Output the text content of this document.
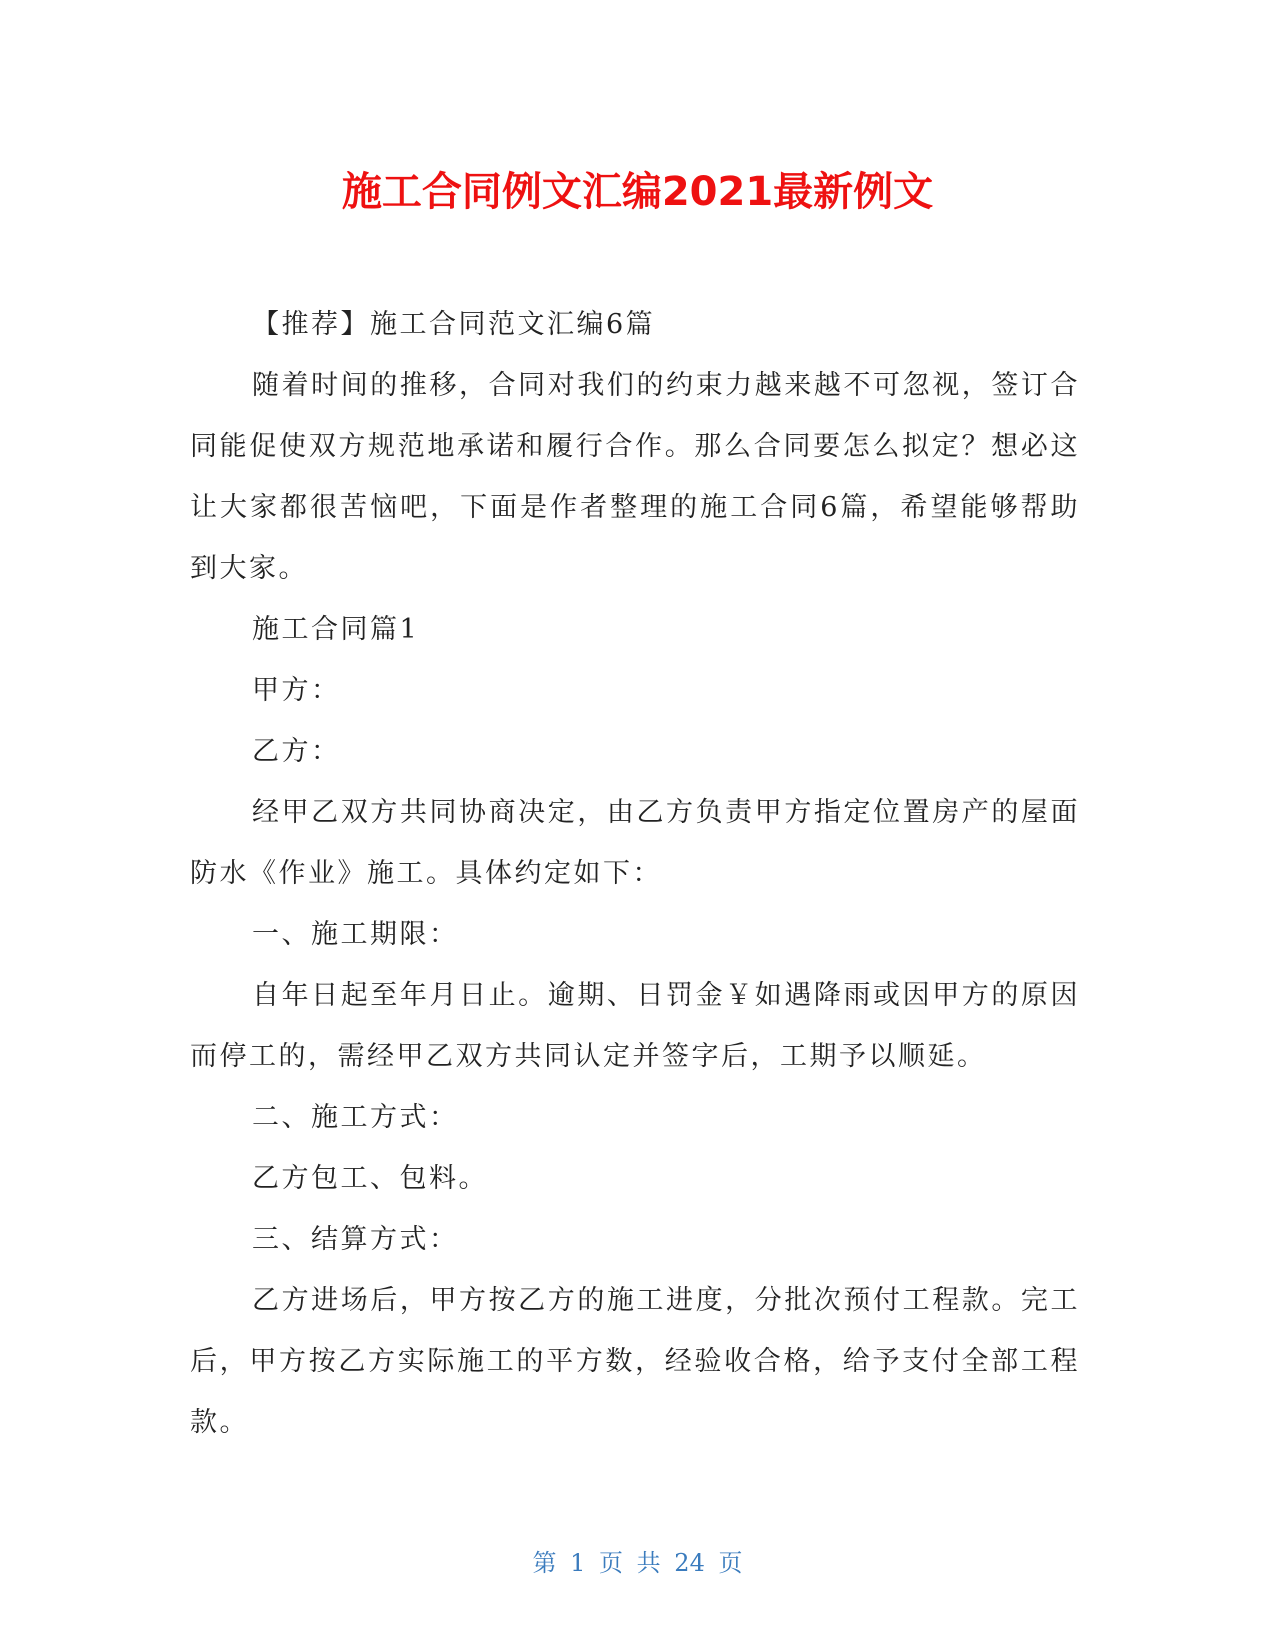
施工合同例文汇编2021最新例文

【推荐】施工合同范文汇编6篇

随着时间的推移，合同对我们的约束力越来越不可忽视，签订合同能促使双方规范地承诺和履行合作。那么合同要怎么拟定？想必这让大家都很苦恼吧，下面是作者整理的施工合同6篇，希望能够帮助到大家。

施工合同篇1

甲方：

乙方：

经甲乙双方共同协商决定，由乙方负责甲方指定位置房产的屋面防水《作业》施工。具体约定如下：

一、施工期限：

自年日起至年月日止。逾期、日罚金￥如遇降雨或因甲方的原因而停工的，需经甲乙双方共同认定并签字后，工期予以顺延。

二、施工方式：

乙方包工、包料。

三、结算方式：

乙方进场后，甲方按乙方的施工进度，分批次预付工程款。完工后，甲方按乙方实际施工的平方数，经验收合格，给予支付全部工程款。

第 1 页 共 24 页
